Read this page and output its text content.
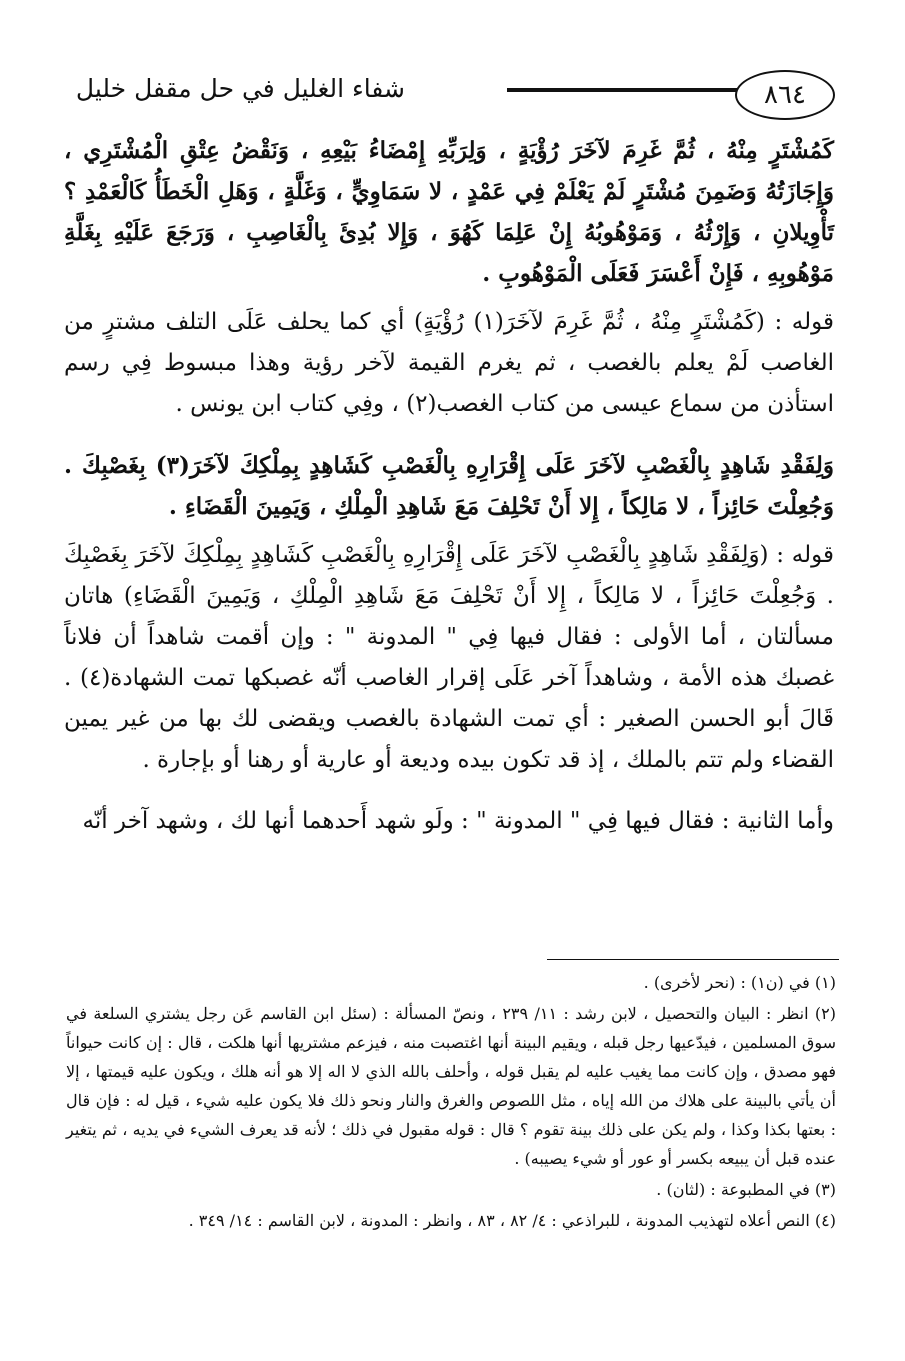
٨٦٤
شفاء الغليل في حل مقفل خليل

كَمُشْتَرٍ مِنْهُ ، ثُمَّ غَرِمَ لآخَرَ رُؤْيَةٍ ، وَلِرَبِّهِ إِمْضَاءُ بَيْعِهِ ، وَنَقْضُ عِتْقِ الْمُشْتَرِي ، وَإِجَازَتُهُ وَضَمِنَ مُشْتَرٍ لَمْ يَعْلَمْ فِي عَمْدٍ ، لا سَمَاوِيٍّ ، وَغَلَّةٍ ، وَهَلِ الْخَطَأُ كَالْعَمْدِ ؟ تَأْوِيلانِ ، وَإِرْثُهُ ، وَمَوْهُوبُهُ إِنْ عَلِمَا كَهُوَ ، وَإِلا بُدِئَ بِالْغَاصِبِ ، وَرَجَعَ عَلَيْهِ بِغَلَّةِ مَوْهُوبِهِ ، فَإِنْ أَعْسَرَ فَعَلَى الْمَوْهُوبِ .

قوله : (كَمُشْتَرٍ مِنْهُ ، ثُمَّ غَرِمَ لآخَرَ(١) رُؤْيَةٍ) أي كما يحلف عَلَى التلف مشترٍ من الغاصب لَمْ يعلم بالغصب ، ثم يغرم القيمة لآخر رؤية وهذا مبسوط فِي رسم استأذن من سماع عيسى من كتاب الغصب(٢) ، وفِي كتاب ابن يونس .

وَلِفَقْدِ شَاهِدٍ بِالْغَصْبِ لآخَرَ عَلَى إِقْرَارِهِ بِالْغَصْبِ كَشَاهِدٍ بِمِلْكِكَ لآخَرَ(٣) بِغَصْبِكَ . وَجُعِلْتَ حَائِزاً ، لا مَالِكاً ، إِلا أَنْ تَحْلِفَ مَعَ شَاهِدِ الْمِلْكِ ، وَيَمِينَ الْقَضَاءِ .

قوله : (وَلِفَقْدِ شَاهِدٍ بِالْغَصْبِ لآخَرَ عَلَى إِقْرَارِهِ بِالْغَصْبِ كَشَاهِدٍ بِمِلْكِكَ لآخَرَ بِغَصْبِكَ . وَجُعِلْتَ حَائِزاً ، لا مَالِكاً ، إِلا أَنْ تَحْلِفَ مَعَ شَاهِدِ الْمِلْكِ ، وَيَمِينَ الْقَضَاءِ) هاتان مسألتان ، أما الأولى : فقال فيها فِي " المدونة " : وإن أقمت شاهداً أن فلاناً غصبك هذه الأمة ، وشاهداً آخر عَلَى إقرار الغاصب أنّه غصبكها تمت الشهادة(٤) . قَالَ أبو الحسن الصغير : أي تمت الشهادة بالغصب ويقضى لك بها من غير يمين القضاء ولم تتم بالملك ، إذ قد تكون بيده وديعة أو عارية أو رهنا أو بإجارة .

وأما الثانية : فقال فيها فِي " المدونة " : ولَو شهد أَحدهما أنها لك ، وشهد آخر أنّه

(١) في (ن١) : (نحر لأخرى) .

(٢) انظر : البيان والتحصيل ، لابن رشد : ١١/ ٢٣٩ ، ونصّ المسألة : (سئل ابن القاسم عَن رجل يشتري السلعة في سوق المسلمين ، فيدّعيها رجل قبله ، ويقيم البينة أنها اغتصبت منه ، فيزعم مشتريها أنها هلكت ، قال : إن كانت حيواناً فهو مصدق ، وإن كانت مما يغيب عليه لم يقبل قوله ، وأحلف بالله الذي لا اله إلا هو أنه هلك ، ويكون عليه قيمتها ، إلا أن يأتي بالبينة على هلاك من الله إياه ، مثل اللصوص والغرق والنار ونحو ذلك فلا يكون عليه شيء ، قيل له : فإن قال : بعتها بكذا وكذا ، ولم يكن على ذلك بينة تقوم ؟ قال : قوله مقبول في ذلك ؛ لأنه قد يعرف الشيء في يديه ، ثم يتغير عنده قبل أن يبيعه بكسر أو عور أو شيء يصيبه) .

(٣) في المطبوعة : (لثان) .

(٤) النص أعلاه لتهذيب المدونة ، للبراذعي : ٤/ ٨٢ ، ٨٣ ، وانظر : المدونة ، لابن القاسم : ١٤/ ٣٤٩ .
